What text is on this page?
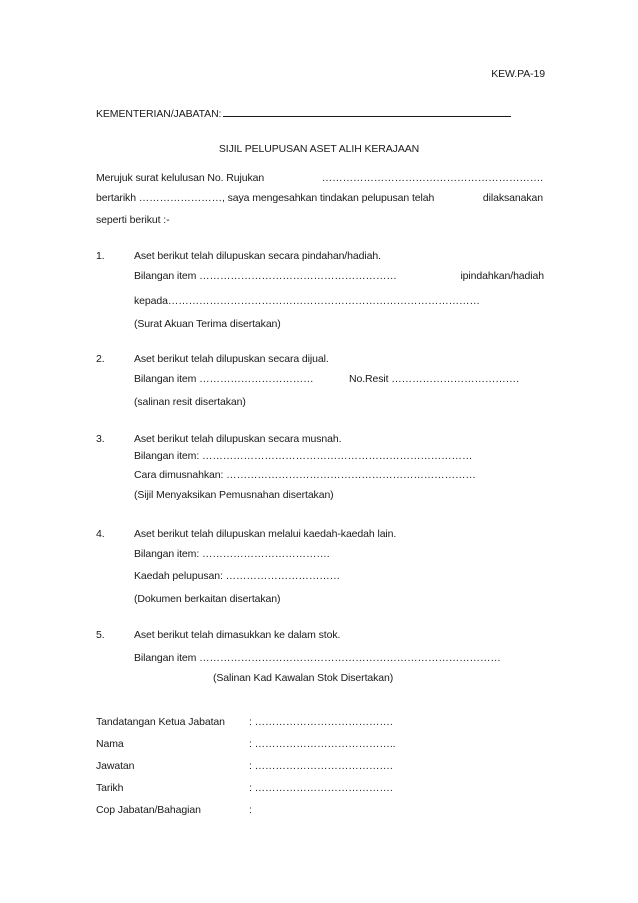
KEW.PA-19
KEMENTERIAN/JABATAN:
SIJIL PELUPUSAN ASET ALIH KERAJAAN
Merujuk surat kelulusan No. Rujukan	……………………………………………………….
bertarikh ……………………, saya mengesahkan tindakan pelupusan telah	dilaksanakan
seperti berikut :-
1.	Aset berikut telah dilupuskan secara pindahan/hadiah.
Bilangan item …………………………………………………	ipindahkan/hadiah
kepada………………………………………………………………………………
(Surat Akuan Terima disertakan)
2.	Aset berikut telah dilupuskan secara dijual.
Bilangan item ……………………………	No.Resit ……………………………….
(salinan resit disertakan)
3.	Aset berikut telah dilupuskan secara musnah.
Bilangan item: ……………………………………………………………………
Cara dimusnahkan: ………………………………………………………………
(Sijil Menyaksikan Pemusnahan disertakan)
4.	Aset berikut telah dilupuskan melalui kaedah-kaedah lain.
Bilangan item: ……………………………….
Kaedah pelupusan: ……………………………
(Dokumen berkaitan disertakan)
5.	Aset berikut telah dimasukkan ke dalam stok.
Bilangan item ……………………………………………………………………………
(Salinan Kad Kawalan Stok Disertakan)
Tandatangan Ketua Jabatan : ………………………………….
Nama	: …………………………………..
Jawatan	: ………………………………….
Tarikh	: ………………………………….
Cop Jabatan/Bahagian	:
